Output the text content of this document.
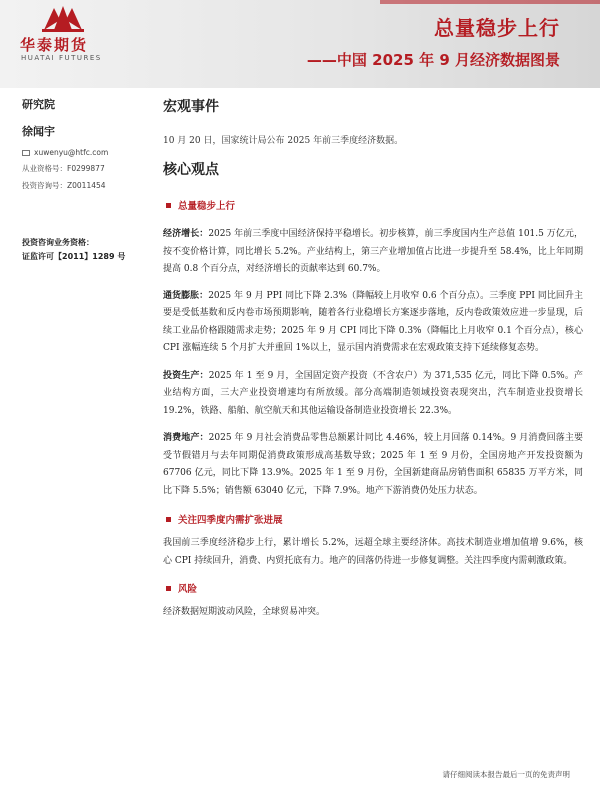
华泰期货
HUATAI FUTURES
总量稳步上行
——中国 2025 年 9 月经济数据图景
研究院
徐闻宇
xuwenyu@htfc.com
从业资格号：F0299877
投资咨询号：Z0011454
投资咨询业务资格：
证监许可【2011】1289 号
宏观事件
10 月 20 日，国家统计局公布 2025 年前三季度经济数据。
核心观点
总量稳步上行

经济增长：2025 年前三季度中国经济保持平稳增长。初步核算，前三季度国内生产总值 101.5 万亿元，按不变价格计算，同比增长 5.2%。产业结构上，第三产业增加值占比进一步提升至 58.4%，比上年同期提高 0.8 个百分点，对经济增长的贡献率达到 60.7%。

通货膨胀：2025 年 9 月 PPI 同比下降 2.3%（降幅较上月收窄 0.6 个百分点）。三季度 PPI 同比回升主要是受低基数和反内卷市场预期影响，随着各行业稳增长方案逐步落地，反内卷政策效应进一步显现，后续工业品价格跟随需求走势；2025 年 9 月 CPI 同比下降 0.3%（降幅比上月收窄 0.1 个百分点），核心 CPI 涨幅连续 5 个月扩大并重回 1%以上，显示国内消费需求在宏观政策支持下延续修复态势。

投资生产：2025 年 1 至 9 月，全国固定资产投资（不含农户）为 371,535 亿元，同比下降 0.5%。产业结构方面，三大产业投资增速均有所放缓。部分高端制造领域投资表现突出，汽车制造业投资增长 19.2%，铁路、船舶、航空航天和其他运输设备制造业投资增长 22.3%。

消费地产：2025 年 9 月社会消费品零售总额累计同比 4.46%，较上月回落 0.14%。9 月消费回落主要受节假错月与去年同期促消费政策形成高基数导致；2025 年 1 至 9 月份，全国房地产开发投资额为 67706 亿元，同比下降 13.9%。2025 年 1 至 9 月份，全国新建商品房销售面积 65835 万平方米，同比下降 5.5%；销售额 63040 亿元，下降 7.9%。地产下游消费仍处压力状态。

关注四季度内需扩张进展

我国前三季度经济稳步上行，累计增长 5.2%，远超全球主要经济体。高技术制造业增加值增 9.6%，核心 CPI 持续回升，消费、内贸托底有力。地产的回落仍待进一步修复调整。关注四季度内需刺激政策。

风险

经济数据短期波动风险，全球贸易冲突。

请仔细阅读本报告最后一页的免责声明
